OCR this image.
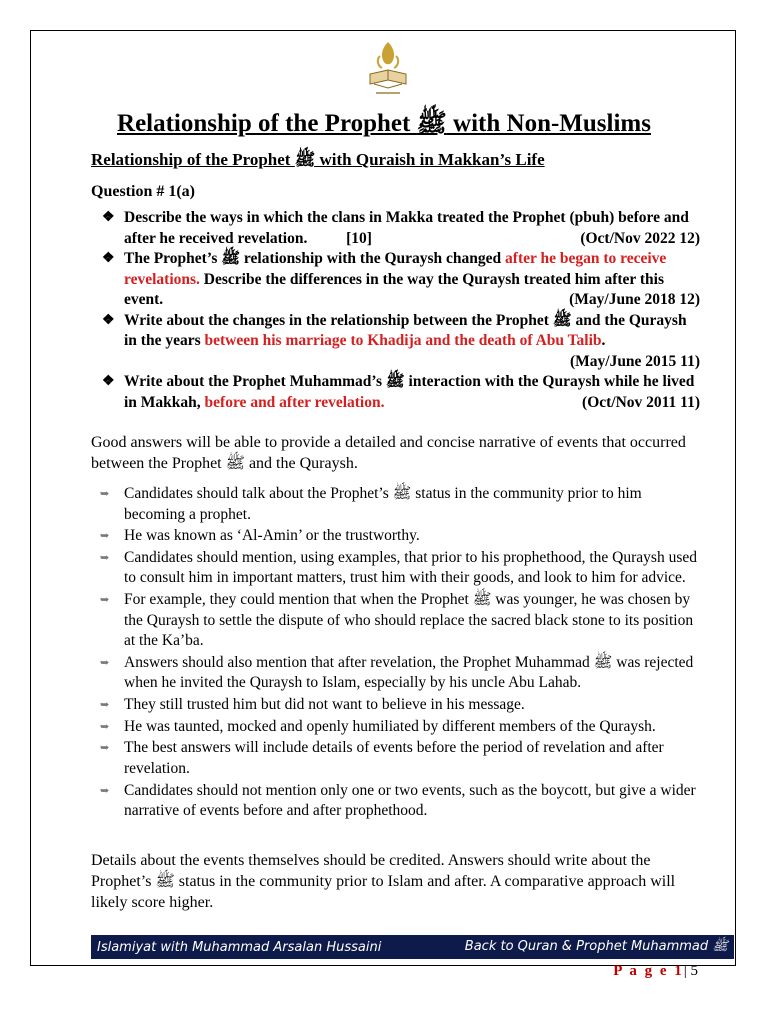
Relationship of the Prophet ﷺ with Non-Muslims
Relationship of the Prophet ﷺ with Quraish in Makkan’s Life
Question # 1(a)
❖ Describe the ways in which the clans in Makka treated the Prophet (pbuh) before and after he received revelation.          [10]	(Oct/Nov 2022 12)
❖ The Prophet’s ﷺ relationship with the Quraysh changed after he began to receive revelations. Describe the differences in the way the Quraysh treated him after this event.	(May/June 2018 12)
❖ Write about the changes in the relationship between the Prophet ﷺ and the Quraysh in the years between his marriage to Khadija and the death of Abu Talib.
(May/June 2015 11)
❖ Write about the Prophet Muhammad’s ﷺ interaction with the Quraysh while he lived in Makkah, before and after revelation.	(Oct/Nov 2011 11)
Good answers will be able to provide a detailed and concise narrative of events that occurred between the Prophet ﷺ and the Quraysh.
➥ Candidates should talk about the Prophet’s ﷺ status in the community prior to him becoming a prophet.
➥ He was known as ‘Al-Amin’ or the trustworthy.
➥ Candidates should mention, using examples, that prior to his prophethood, the Quraysh used to consult him in important matters, trust him with their goods, and look to him for advice.
➥ For example, they could mention that when the Prophet ﷺ was younger, he was chosen by the Quraysh to settle the dispute of who should replace the sacred black stone to its position at the Ka’ba.
➥ Answers should also mention that after revelation, the Prophet Muhammad ﷺ was rejected when he invited the Quraysh to Islam, especially by his uncle Abu Lahab.
➥ They still trusted him but did not want to believe in his message.
➥ He was taunted, mocked and openly humiliated by different members of the Quraysh.
➥ The best answers will include details of events before the period of revelation and after revelation.
➥ Candidates should not mention only one or two events, such as the boycott, but give a wider narrative of events before and after prophethood.
Details about the events themselves should be credited. Answers should write about the Prophet’s ﷺ status in the community prior to Islam and after. A comparative approach will likely score higher.
Islamiyat with Muhammad Arsalan Hussaini	Back to Quran & Prophet Muhammad ﷺ
P a g e 1| 5
